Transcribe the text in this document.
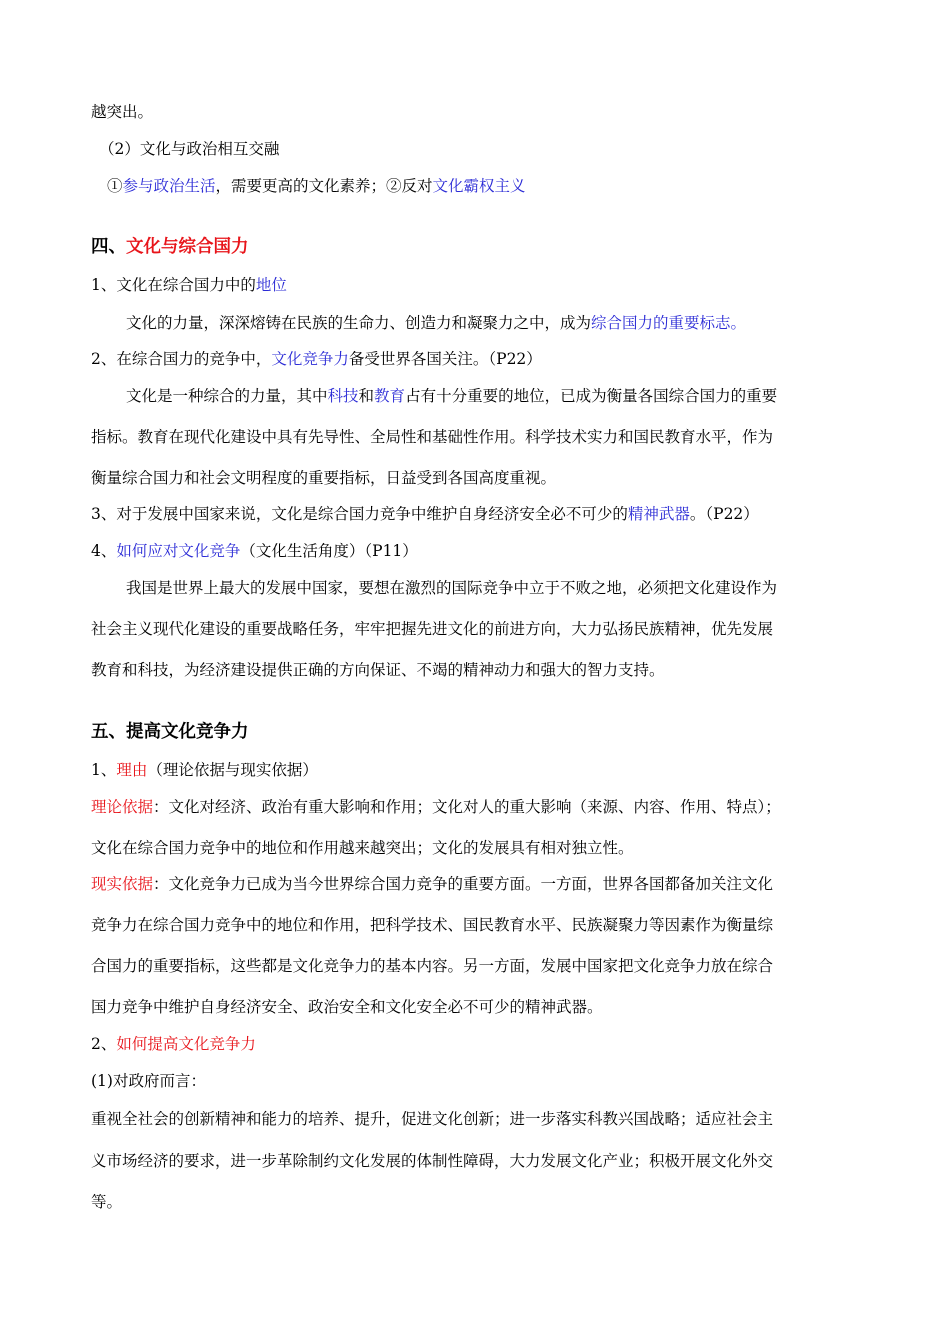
越突出。
（2）文化与政治相互交融
①参与政治生活，需要更高的文化素养；②反对文化霸权主义
四、文化与综合国力
1、文化在综合国力中的地位
文化的力量，深深熔铸在民族的生命力、创造力和凝聚力之中，成为综合国力的重要标志。
2、在综合国力的竞争中，文化竞争力备受世界各国关注。（P22）
文化是一种综合的力量，其中科技和教育占有十分重要的地位，已成为衡量各国综合国力的重要
指标。教育在现代化建设中具有先导性、全局性和基础性作用。科学技术实力和国民教育水平，作为
衡量综合国力和社会文明程度的重要指标，日益受到各国高度重视。
3、对于发展中国家来说，文化是综合国力竞争中维护自身经济安全必不可少的精神武器。（P22）
4、如何应对文化竞争（文化生活角度）（P11）
我国是世界上最大的发展中国家，要想在激烈的国际竞争中立于不败之地，必须把文化建设作为
社会主义现代化建设的重要战略任务，牢牢把握先进文化的前进方向，大力弘扬民族精神，优先发展
教育和科技，为经济建设提供正确的方向保证、不竭的精神动力和强大的智力支持。
五、提高文化竞争力
1、理由（理论依据与现实依据）
理论依据：文化对经济、政治有重大影响和作用；文化对人的重大影响（来源、内容、作用、特点）；
文化在综合国力竞争中的地位和作用越来越突出；文化的发展具有相对独立性。
现实依据：文化竞争力已成为当今世界综合国力竞争的重要方面。一方面，世界各国都备加关注文化
竞争力在综合国力竞争中的地位和作用，把科学技术、国民教育水平、民族凝聚力等因素作为衡量综
合国力的重要指标，这些都是文化竞争力的基本内容。另一方面，发展中国家把文化竞争力放在综合
国力竞争中维护自身经济安全、政治安全和文化安全必不可少的精神武器。
2、如何提高文化竞争力
(1)对政府而言：
重视全社会的创新精神和能力的培养、提升，促进文化创新；进一步落实科教兴国战略；适应社会主
义市场经济的要求，进一步革除制约文化发展的体制性障碍，大力发展文化产业；积极开展文化外交
等。
